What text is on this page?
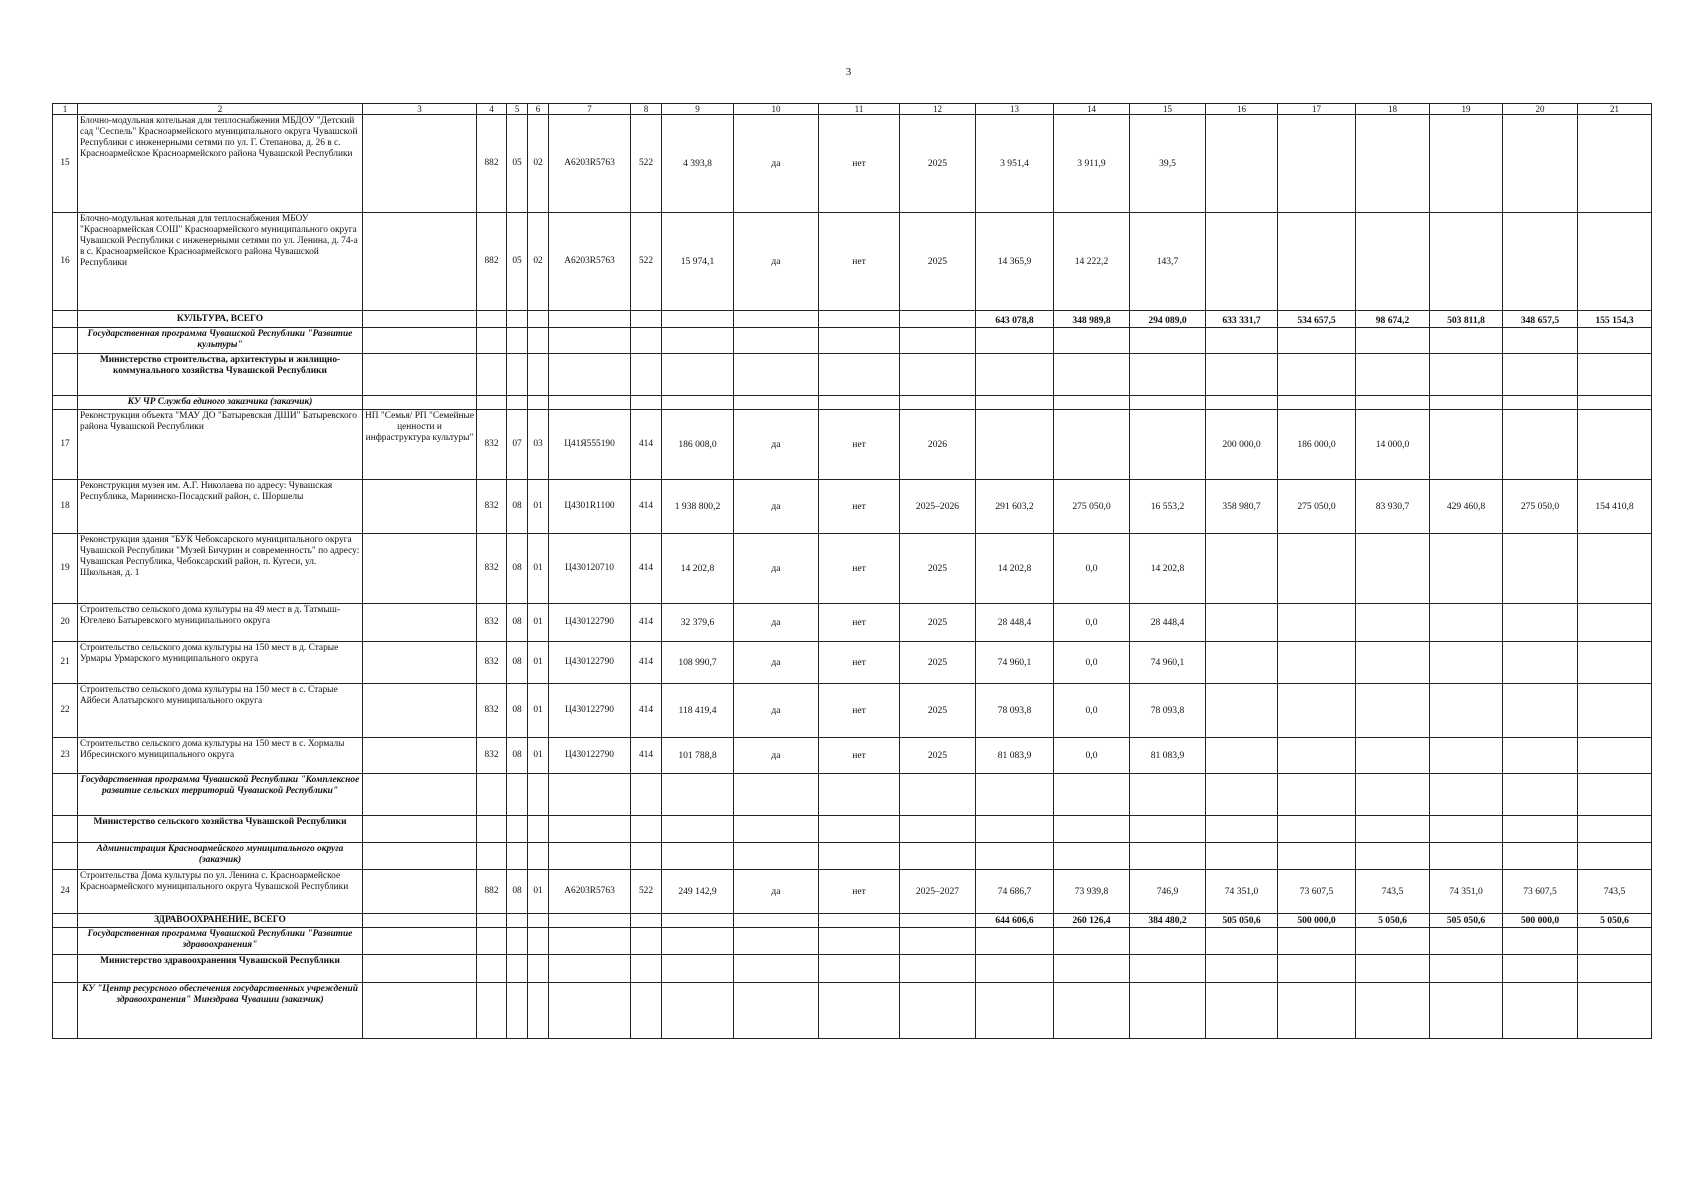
3
1	2	3	4	5	6	7	8	9	10	11	12	13	14	15	16	17	18	19	20	21
15	Блочно-модульная котельная для теплоснабжения МБДОУ "Детский сад "Сеспель" Красноармейского муниципального округа Чувашской Республики с инженерными сетями по ул. Г. Степанова, д. 26 в с. Красноармейское Красноармейского района Чувашской Республики		882	05	02	А6203R5763	522	4 393,8	да	нет	2025	3 951,4	3 911,9	39,5						
16	Блочно-модульная котельная для теплоснабжения МБОУ "Красноармейская СОШ" Красноармейского муниципального округа Чувашской Республики с инженерными сетями по ул. Ленина, д. 74-а в с. Красноармейское Красноармейского района Чувашской Республики		882	05	02	А6203R5763	522	15 974,1	да	нет	2025	14 365,9	14 222,2	143,7						
	КУЛЬТУРА, ВСЕГО											643 078,8	348 989,8	294 089,0	633 331,7	534 657,5	98 674,2	503 811,8	348 657,5	155 154,3
	Государственная программа Чувашской Республики "Развитие культуры"																			
	Министерство строительства, архитектуры и жилищно-коммунального хозяйства Чувашской Республики																			
	КУ ЧР Служба единого заказчика (заказчик)																			
17	Реконструкция объекта "МАУ ДО "Батыревская ДШИ" Батыревского района Чувашской Республики	НП "Семья/ РП "Семейные ценности и инфраструктура культуры"	832	07	03	Ц41Я555190	414	186 008,0	да	нет	2026				200 000,0	186 000,0	14 000,0			
18	Реконструкция музея им. А.Г. Николаева по адресу: Чувашская Республика, Мариинско-Посадский район, с. Шоршелы		832	08	01	Ц4301R1100	414	1 938 800,2	да	нет	2025–2026	291 603,2	275 050,0	16 553,2	358 980,7	275 050,0	83 930,7	429 460,8	275 050,0	154 410,8
19	Реконструкция здания "БУК Чебоксарского муниципального округа Чувашской Республики "Музей Бичурин и современность" по адресу: Чувашская Республика, Чебоксарский район, п. Кугеси, ул. Школьная, д. 1		832	08	01	Ц430120710	414	14 202,8	да	нет	2025	14 202,8	0,0	14 202,8						
20	Строительство сельского дома культуры на 49 мест в д. Татмыш-Югелево Батыревского муниципального округа		832	08	01	Ц430122790	414	32 379,6	да	нет	2025	28 448,4	0,0	28 448,4						
21	Строительство сельского дома культуры на 150 мест в д. Старые Урмары Урмарского муниципального округа		832	08	01	Ц430122790	414	108 990,7	да	нет	2025	74 960,1	0,0	74 960,1						
22	Строительство сельского дома культуры на 150 мест в с. Старые Айбеси Алатырского муниципального округа		832	08	01	Ц430122790	414	118 419,4	да	нет	2025	78 093,8	0,0	78 093,8						
23	Строительство сельского дома культуры на 150 мест в с. Хормалы Ибресинского муниципального округа		832	08	01	Ц430122790	414	101 788,8	да	нет	2025	81 083,9	0,0	81 083,9						
	Государственная программа Чувашской Республики "Комплексное развитие сельских территорий Чувашской Республики"																			
	Министерство сельского хозяйства Чувашской Республики																			
	Администрация Красноармейского муниципального округа (заказчик)																			
24	Строительства Дома культуры по ул. Ленина с. Красноармейское Красноармейского муниципального округа Чувашской Республики		882	08	01	А6203R5763	522	249 142,9	да	нет	2025–2027	74 686,7	73 939,8	746,9	74 351,0	73 607,5	743,5	74 351,0	73 607,5	743,5
	ЗДРАВООХРАНЕНИЕ, ВСЕГО											644 606,6	260 126,4	384 480,2	505 050,6	500 000,0	5 050,6	505 050,6	500 000,0	5 050,6
	Государственная программа Чувашской Республики "Развитие здравоохранения"																			
	Министерство здравоохранения Чувашской Республики																			
	КУ "Центр ресурсного обеспечения государственных учреждений здравоохранения" Минздрава Чувашии (заказчик)																			
